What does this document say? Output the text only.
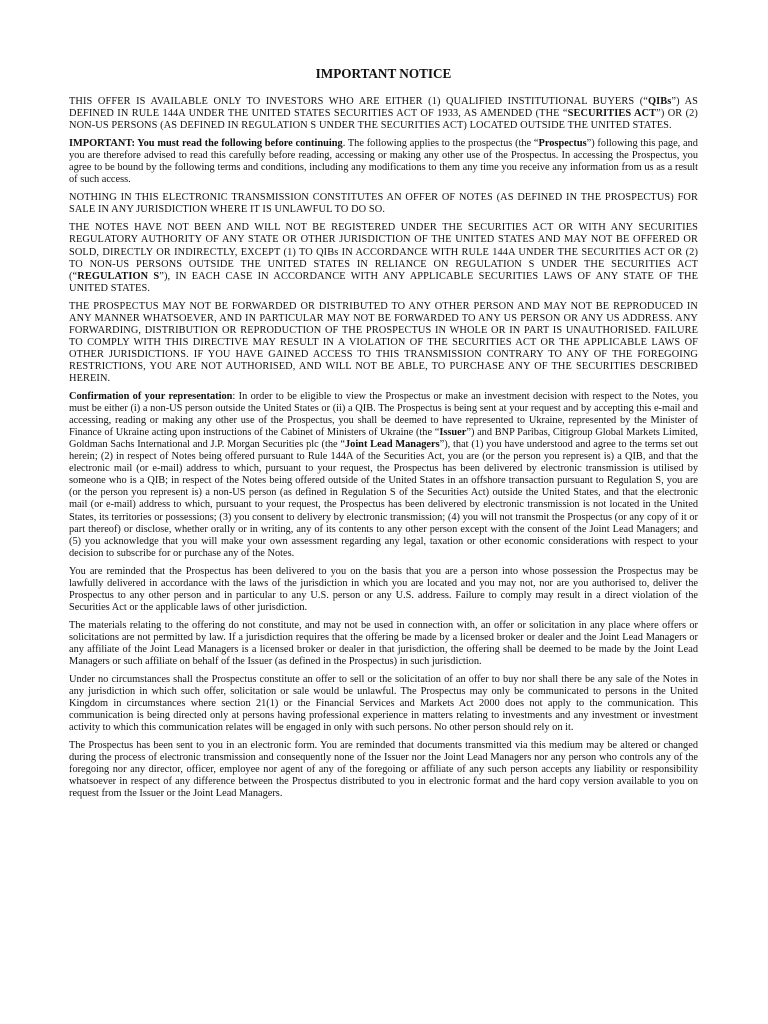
IMPORTANT NOTICE

THIS OFFER IS AVAILABLE ONLY TO INVESTORS WHO ARE EITHER (1) QUALIFIED INSTITUTIONAL BUYERS (“QIBs”) AS DEFINED IN RULE 144A UNDER THE UNITED STATES SECURITIES ACT OF 1933, AS AMENDED (THE “SECURITIES ACT”) OR (2) NON-US PERSONS (AS DEFINED IN REGULATION S UNDER THE SECURITIES ACT) LOCATED OUTSIDE THE UNITED STATES.

IMPORTANT: You must read the following before continuing. The following applies to the prospectus (the “Prospectus”) following this page, and you are therefore advised to read this carefully before reading, accessing or making any other use of the Prospectus. In accessing the Prospectus, you agree to be bound by the following terms and conditions, including any modifications to them any time you receive any information from us as a result of such access.

NOTHING IN THIS ELECTRONIC TRANSMISSION CONSTITUTES AN OFFER OF NOTES (AS DEFINED IN THE PROSPECTUS) FOR SALE IN ANY JURISDICTION WHERE IT IS UNLAWFUL TO DO SO.

THE NOTES HAVE NOT BEEN AND WILL NOT BE REGISTERED UNDER THE SECURITIES ACT OR WITH ANY SECURITIES REGULATORY AUTHORITY OF ANY STATE OR OTHER JURISDICTION OF THE UNITED STATES AND MAY NOT BE OFFERED OR SOLD, DIRECTLY OR INDIRECTLY, EXCEPT (1) TO QIBs IN ACCORDANCE WITH RULE 144A UNDER THE SECURITIES ACT OR (2) TO NON-US PERSONS OUTSIDE THE UNITED STATES IN RELIANCE ON REGULATION S UNDER THE SECURITIES ACT (“REGULATION S”), IN EACH CASE IN ACCORDANCE WITH ANY APPLICABLE SECURITIES LAWS OF ANY STATE OF THE UNITED STATES.

THE PROSPECTUS MAY NOT BE FORWARDED OR DISTRIBUTED TO ANY OTHER PERSON AND MAY NOT BE REPRODUCED IN ANY MANNER WHATSOEVER, AND IN PARTICULAR MAY NOT BE FORWARDED TO ANY US PERSON OR ANY US ADDRESS. ANY FORWARDING, DISTRIBUTION OR REPRODUCTION OF THE PROSPECTUS IN WHOLE OR IN PART IS UNAUTHORISED. FAILURE TO COMPLY WITH THIS DIRECTIVE MAY RESULT IN A VIOLATION OF THE SECURITIES ACT OR THE APPLICABLE LAWS OF OTHER JURISDICTIONS. IF YOU HAVE GAINED ACCESS TO THIS TRANSMISSION CONTRARY TO ANY OF THE FOREGOING RESTRICTIONS, YOU ARE NOT AUTHORISED, AND WILL NOT BE ABLE, TO PURCHASE ANY OF THE SECURITIES DESCRIBED HEREIN.

Confirmation of your representation: In order to be eligible to view the Prospectus or make an investment decision with respect to the Notes, you must be either (i) a non-US person outside the United States or (ii) a QIB. The Prospectus is being sent at your request and by accepting this e-mail and accessing, reading or making any other use of the Prospectus, you shall be deemed to have represented to Ukraine, represented by the Minister of Finance of Ukraine acting upon instructions of the Cabinet of Ministers of Ukraine (the “Issuer”) and BNP Paribas, Citigroup Global Markets Limited, Goldman Sachs International and J.P. Morgan Securities plc (the “Joint Lead Managers”), that (1) you have understood and agree to the terms set out herein; (2) in respect of Notes being offered pursuant to Rule 144A of the Securities Act, you are (or the person you represent is) a QIB, and that the electronic mail (or e-mail) address to which, pursuant to your request, the Prospectus has been delivered by electronic transmission is utilised by someone who is a QIB; in respect of the Notes being offered outside of the United States in an offshore transaction pursuant to Regulation S, you are (or the person you represent is) a non-US person (as defined in Regulation S of the Securities Act) outside the United States, and that the electronic mail (or e-mail) address to which, pursuant to your request, the Prospectus has been delivered by electronic transmission is not located in the United States, its territories or possessions; (3) you consent to delivery by electronic transmission; (4) you will not transmit the Prospectus (or any copy of it or part thereof) or disclose, whether orally or in writing, any of its contents to any other person except with the consent of the Joint Lead Managers; and (5) you acknowledge that you will make your own assessment regarding any legal, taxation or other economic considerations with respect to your decision to subscribe for or purchase any of the Notes.

You are reminded that the Prospectus has been delivered to you on the basis that you are a person into whose possession the Prospectus may be lawfully delivered in accordance with the laws of the jurisdiction in which you are located and you may not, nor are you authorised to, deliver the Prospectus to any other person and in particular to any U.S. person or any U.S. address. Failure to comply may result in a direct violation of the Securities Act or the applicable laws of other jurisdiction.

The materials relating to the offering do not constitute, and may not be used in connection with, an offer or solicitation in any place where offers or solicitations are not permitted by law. If a jurisdiction requires that the offering be made by a licensed broker or dealer and the Joint Lead Managers or any affiliate of the Joint Lead Managers is a licensed broker or dealer in that jurisdiction, the offering shall be deemed to be made by the Joint Lead Managers or such affiliate on behalf of the Issuer (as defined in the Prospectus) in such jurisdiction.

Under no circumstances shall the Prospectus constitute an offer to sell or the solicitation of an offer to buy nor shall there be any sale of the Notes in any jurisdiction in which such offer, solicitation or sale would be unlawful. The Prospectus may only be communicated to persons in the United Kingdom in circumstances where section 21(1) or the Financial Services and Markets Act 2000 does not apply to the communication. This communication is being directed only at persons having professional experience in matters relating to investments and any investment or investment activity to which this communication relates will be engaged in only with such persons. No other person should rely on it.

The Prospectus has been sent to you in an electronic form. You are reminded that documents transmitted via this medium may be altered or changed during the process of electronic transmission and consequently none of the Issuer nor the Joint Lead Managers nor any person who controls any of the foregoing nor any director, officer, employee nor agent of any of the foregoing or affiliate of any such person accepts any liability or responsibility whatsoever in respect of any difference between the Prospectus distributed to you in electronic format and the hard copy version available to you on request from the Issuer or the Joint Lead Managers.
